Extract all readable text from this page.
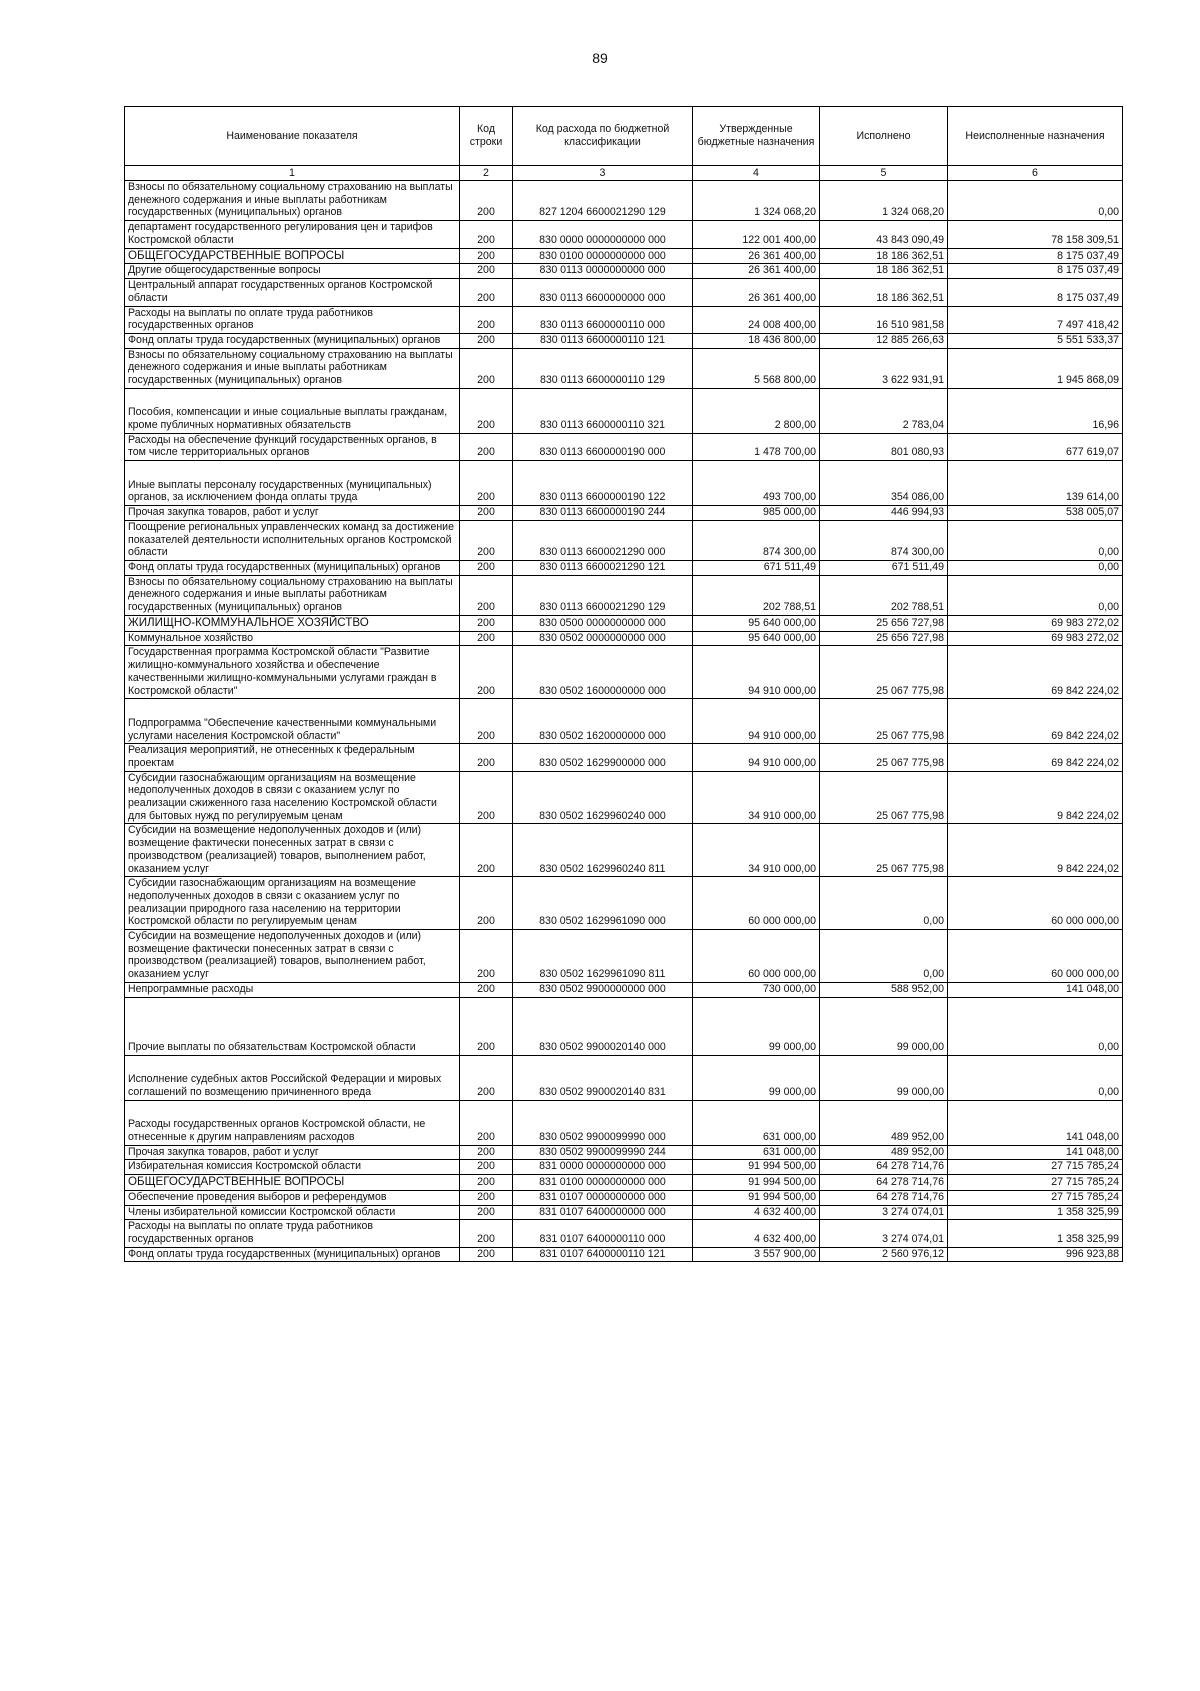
89
Наименование показателя	Код строки	Код расхода по бюджетной классификации	Утвержденные бюджетные назначения	Исполнено	Неисполненные назначения
1	2	3	4	5	6
Взносы по обязательному социальному страхованию на выплаты денежного содержания и иные выплаты работникам государственных (муниципальных) органов	200	827 1204 6600021290 129	1 324 068,20	1 324 068,20	0,00
департамент государственного регулирования цен и тарифов Костромской области	200	830 0000 0000000000 000	122 001 400,00	43 843 090,49	78 158 309,51
ОБЩЕГОСУДАРСТВЕННЫЕ ВОПРОСЫ	200	830 0100 0000000000 000	26 361 400,00	18 186 362,51	8 175 037,49
Другие общегосударственные вопросы	200	830 0113 0000000000 000	26 361 400,00	18 186 362,51	8 175 037,49
Центральный аппарат государственных органов Костромской области	200	830 0113 6600000000 000	26 361 400,00	18 186 362,51	8 175 037,49
Расходы на выплаты по оплате труда работников государственных органов	200	830 0113 6600000110 000	24 008 400,00	16 510 981,58	7 497 418,42
Фонд оплаты труда государственных (муниципальных) органов	200	830 0113 6600000110 121	18 436 800,00	12 885 266,63	5 551 533,37
Взносы по обязательному социальному страхованию на выплаты денежного содержания и иные выплаты работникам государственных (муниципальных) органов	200	830 0113 6600000110 129	5 568 800,00	3 622 931,91	1 945 868,09
Пособия, компенсации и иные социальные выплаты гражданам, кроме публичных нормативных обязательств	200	830 0113 6600000110 321	2 800,00	2 783,04	16,96
Расходы на обеспечение функций государственных органов, в том числе территориальных органов	200	830 0113 6600000190 000	1 478 700,00	801 080,93	677 619,07
Иные выплаты персоналу государственных (муниципальных) органов, за исключением фонда оплаты труда	200	830 0113 6600000190 122	493 700,00	354 086,00	139 614,00
Прочая закупка товаров, работ и услуг	200	830 0113 6600000190 244	985 000,00	446 994,93	538 005,07
Поощрение региональных управленческих команд за достижение показателей деятельности исполнительных органов Костромской области	200	830 0113 6600021290 000	874 300,00	874 300,00	0,00
Фонд оплаты труда государственных (муниципальных) органов	200	830 0113 6600021290 121	671 511,49	671 511,49	0,00
Взносы по обязательному социальному страхованию на выплаты денежного содержания и иные выплаты работникам государственных (муниципальных) органов	200	830 0113 6600021290 129	202 788,51	202 788,51	0,00
ЖИЛИЩНО-КОММУНАЛЬНОЕ ХОЗЯЙСТВО	200	830 0500 0000000000 000	95 640 000,00	25 656 727,98	69 983 272,02
Коммунальное хозяйство	200	830 0502 0000000000 000	95 640 000,00	25 656 727,98	69 983 272,02
Государственная программа Костромской области "Развитие жилищно-коммунального хозяйства и обеспечение качественными жилищно-коммунальными услугами граждан в Костромской области"	200	830 0502 1600000000 000	94 910 000,00	25 067 775,98	69 842 224,02
Подпрограмма "Обеспечение качественными коммунальными услугами населения Костромской области"	200	830 0502 1620000000 000	94 910 000,00	25 067 775,98	69 842 224,02
Реализация мероприятий, не отнесенных к федеральным проектам	200	830 0502 1629900000 000	94 910 000,00	25 067 775,98	69 842 224,02
Субсидии газоснабжающим организациям на возмещение недополученных доходов в связи с оказанием услуг по реализации сжиженного газа населению Костромской области для бытовых нужд по регулируемым ценам	200	830 0502 1629960240 000	34 910 000,00	25 067 775,98	9 842 224,02
Субсидии на возмещение недополученных доходов и (или) возмещение фактически понесенных затрат в связи с производством (реализацией) товаров, выполнением работ, оказанием услуг	200	830 0502 1629960240 811	34 910 000,00	25 067 775,98	9 842 224,02
Субсидии газоснабжающим организациям на возмещение недополученных доходов в связи с оказанием услуг по реализации природного газа населению на территории Костромской области по регулируемым ценам	200	830 0502 1629961090 000	60 000 000,00	0,00	60 000 000,00
Субсидии на возмещение недополученных доходов и (или) возмещение фактически понесенных затрат в связи с производством (реализацией) товаров, выполнением работ, оказанием услуг	200	830 0502 1629961090 811	60 000 000,00	0,00	60 000 000,00
Непрограммные расходы	200	830 0502 9900000000 000	730 000,00	588 952,00	141 048,00
Прочие выплаты по обязательствам Костромской области	200	830 0502 9900020140 000	99 000,00	99 000,00	0,00
Исполнение судебных актов Российской Федерации и мировых соглашений по возмещению причиненного вреда	200	830 0502 9900020140 831	99 000,00	99 000,00	0,00
Расходы государственных органов Костромской области, не отнесенные к другим направлениям расходов	200	830 0502 9900099990 000	631 000,00	489 952,00	141 048,00
Прочая закупка товаров, работ и услуг	200	830 0502 9900099990 244	631 000,00	489 952,00	141 048,00
Избирательная комиссия Костромской области	200	831 0000 0000000000 000	91 994 500,00	64 278 714,76	27 715 785,24
ОБЩЕГОСУДАРСТВЕННЫЕ ВОПРОСЫ	200	831 0100 0000000000 000	91 994 500,00	64 278 714,76	27 715 785,24
Обеспечение проведения выборов и референдумов	200	831 0107 0000000000 000	91 994 500,00	64 278 714,76	27 715 785,24
Члены избирательной комиссии Костромской области	200	831 0107 6400000000 000	4 632 400,00	3 274 074,01	1 358 325,99
Расходы на выплаты по оплате труда работников государственных органов	200	831 0107 6400000110 000	4 632 400,00	3 274 074,01	1 358 325,99
Фонд оплаты труда государственных (муниципальных) органов	200	831 0107 6400000110 121	3 557 900,00	2 560 976,12	996 923,88
